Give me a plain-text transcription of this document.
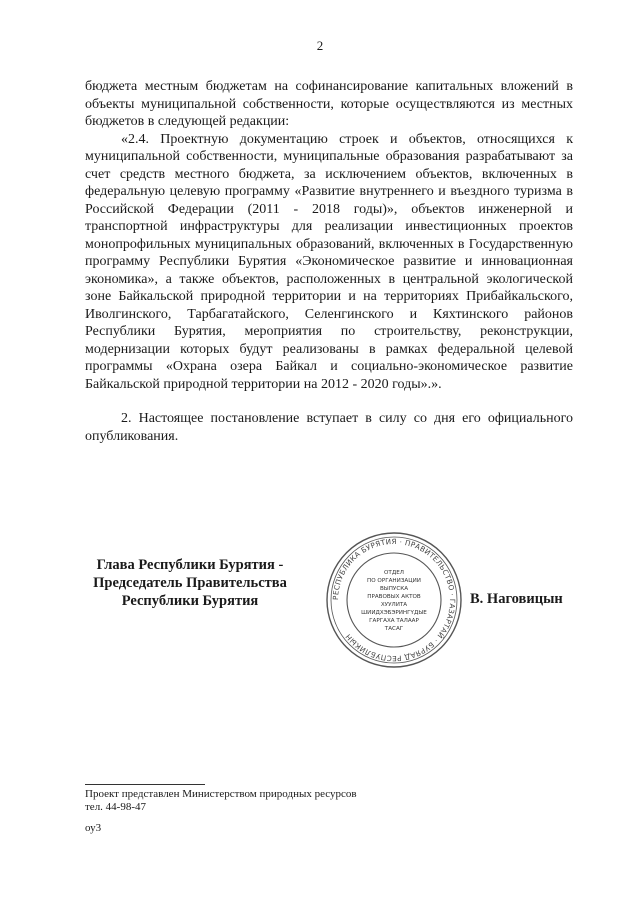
2

бюджета местным бюджетам на софинансирование капитальных вложений в объекты муниципальной собственности, которые осуществляются из местных бюджетов в следующей редакции:

«2.4. Проектную документацию строек и объектов, относящихся к муниципальной собственности, муниципальные образования разрабатывают за счет средств местного бюджета, за исключением объектов, включенных в федеральную целевую программу «Развитие внутреннего и въездного туризма в Российской Федерации (2011 - 2018 годы)», объектов инженерной и транспортной инфраструктуры для реализации инвестиционных проектов монопрофильных муниципальных образований, включенных в Государственную программу Республики Бурятия «Экономическое развитие и инновационная экономика», а также объектов, расположенных в центральной экологической зоне Байкальской природной территории и на территориях Прибайкальского, Иволгинского, Тарбагатайского, Селенгинского и Кяхтинского районов Республики Бурятия, мероприятия по строительству, реконструкции, модернизации которых будут реализованы в рамках федеральной целевой программы «Охрана озера Байкал и социально-экономическое развитие Байкальской природной территории на 2012 - 2020 годы».».

2. Настоящее постановление вступает в силу со дня его официального опубликования.

Глава Республики Бурятия -
Председатель Правительства
Республики Бурятия	РЕСПУБЛИКА БУРЯТИЯ · ПРАВИТЕЛЬСТВО · ГАЗАРТАЙ · БУРЯАД РЕСПУБЛИКЫН
ОТДЕЛ
ПО ОРГАНИЗАЦИИ
ВЫПУСКА
ПРАВОВЫХ АКТОВ
ХУУЛИТА
ШИИДХЭБЭРИНГҮДЫЕ
ГАРГАХА ТАЛААР
ТАСАГ
В. Наговицын
Проект представлен Министерством природных ресурсов
тел. 44-98-47
оу3
